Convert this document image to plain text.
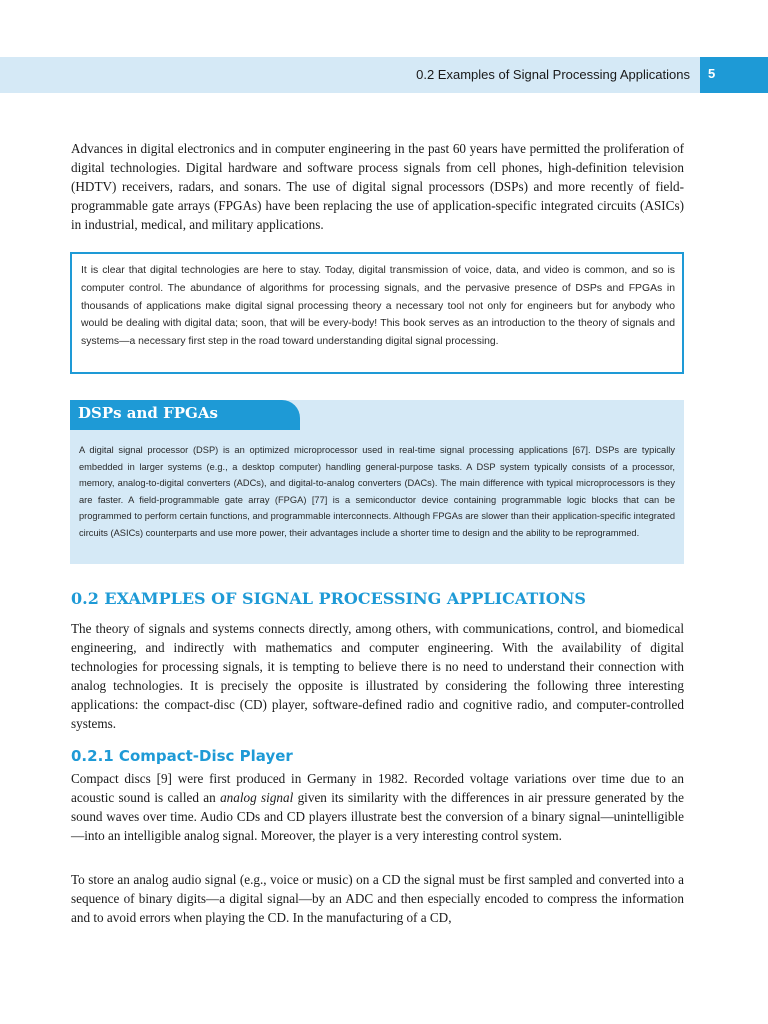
0.2 Examples of Signal Processing Applications 5

Advances in digital electronics and in computer engineering in the past 60 years have permitted the proliferation of digital technologies. Digital hardware and software process signals from cell phones, high-definition television (HDTV) receivers, radars, and sonars. The use of digital signal processors (DSPs) and more recently of field-programmable gate arrays (FPGAs) have been replacing the use of application-specific integrated circuits (ASICs) in industrial, medical, and military applications.

It is clear that digital technologies are here to stay. Today, digital transmission of voice, data, and video is common, and so is computer control. The abundance of algorithms for processing signals, and the pervasive presence of DSPs and FPGAs in thousands of applications make digital signal processing theory a necessary tool not only for engineers but for anybody who would be dealing with digital data; soon, that will be every-body! This book serves as an introduction to the theory of signals and systems—a necessary first step in the road toward understanding digital signal processing.

DSPs and FPGAs

A digital signal processor (DSP) is an optimized microprocessor used in real-time signal processing applications [67]. DSPs are typically embedded in larger systems (e.g., a desktop computer) handling general-purpose tasks. A DSP system typically consists of a processor, memory, analog-to-digital converters (ADCs), and digital-to-analog converters (DACs). The main difference with typical microprocessors is they are faster. A field-programmable gate array (FPGA) [77] is a semiconductor device containing programmable logic blocks that can be programmed to perform certain functions, and programmable interconnects. Although FPGAs are slower than their application-specific integrated circuits (ASICs) counterparts and use more power, their advantages include a shorter time to design and the ability to be reprogrammed.

0.2 EXAMPLES OF SIGNAL PROCESSING APPLICATIONS

The theory of signals and systems connects directly, among others, with communications, control, and biomedical engineering, and indirectly with mathematics and computer engineering. With the availability of digital technologies for processing signals, it is tempting to believe there is no need to understand their connection with analog technologies. It is precisely the opposite is illustrated by considering the following three interesting applications: the compact-disc (CD) player, software-defined radio and cognitive radio, and computer-controlled systems.

0.2.1 Compact-Disc Player

Compact discs [9] were first produced in Germany in 1982. Recorded voltage variations over time due to an acoustic sound is called an analog signal given its similarity with the differences in air pressure generated by the sound waves over time. Audio CDs and CD players illustrate best the conversion of a binary signal—unintelligible—into an intelligible analog signal. Moreover, the player is a very interesting control system.

To store an analog audio signal (e.g., voice or music) on a CD the signal must be first sampled and converted into a sequence of binary digits—a digital signal—by an ADC and then especially encoded to compress the information and to avoid errors when playing the CD. In the manufacturing of a CD,
